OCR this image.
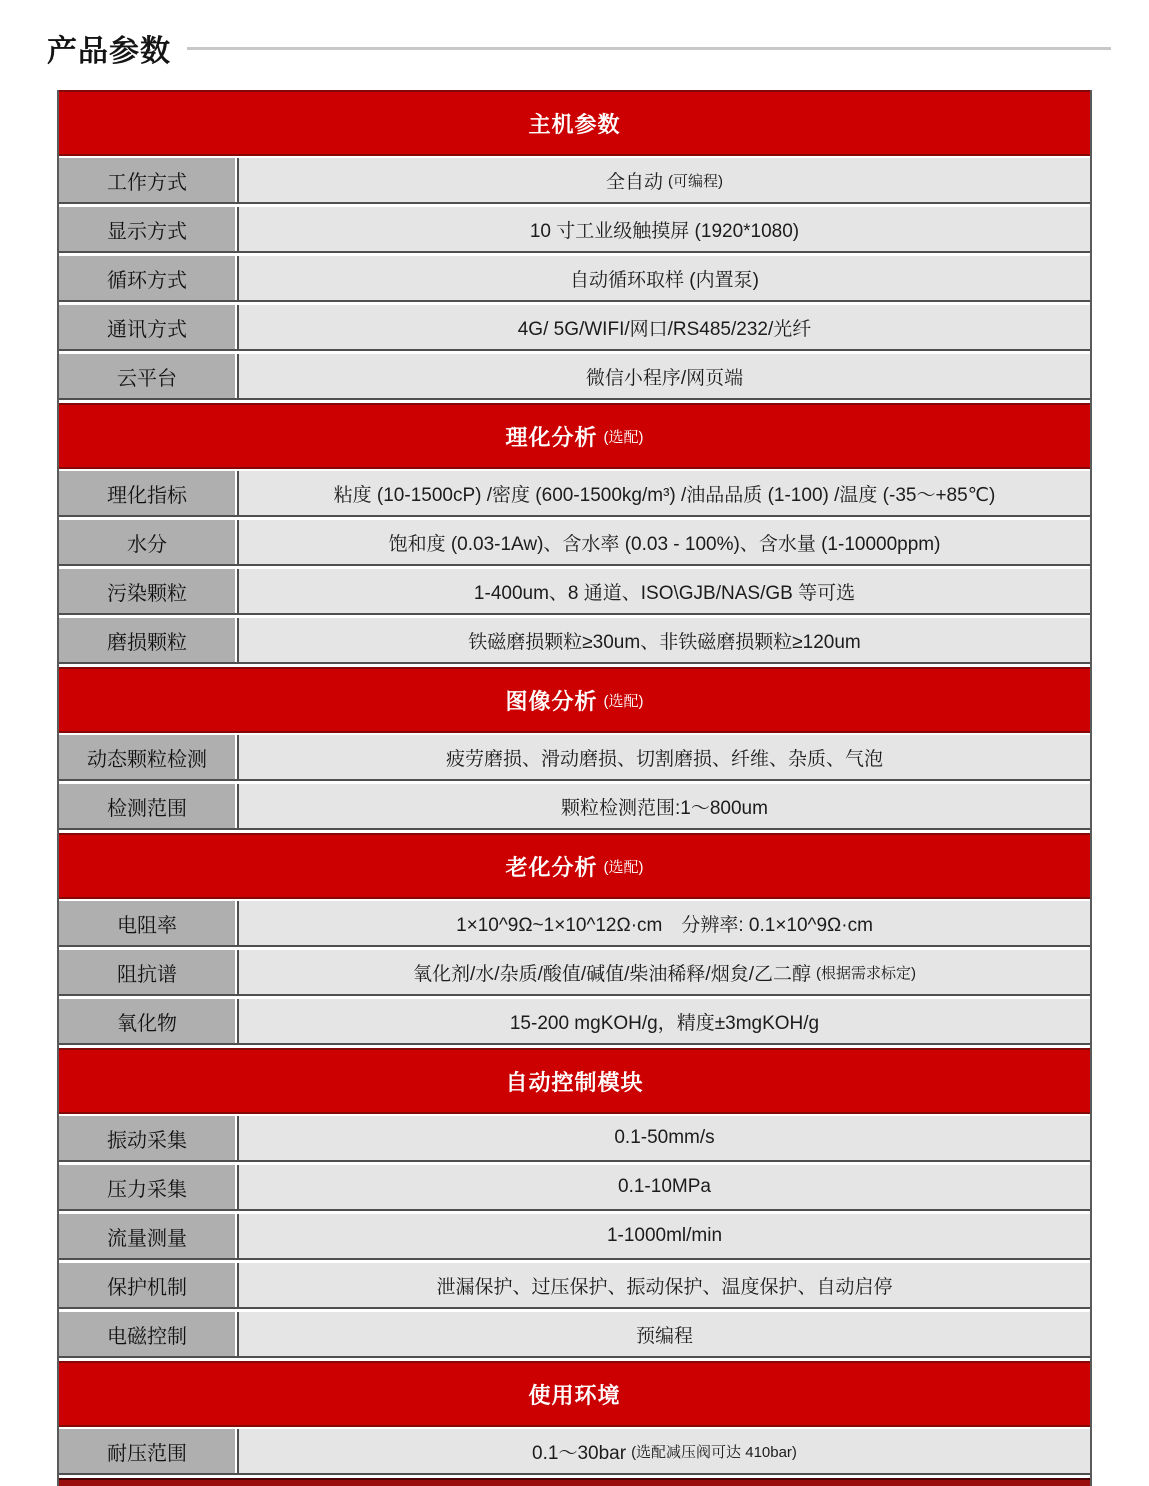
产品参数
主机参数
工作方式	全自动 (可编程)
显示方式	10 寸工业级触摸屏 (1920*1080)
循环方式	自动循环取样 (内置泵)
通讯方式	4G/ 5G/WIFI/网口/RS485/232/光纤
云平台	微信小程序/网页端
理化分析 (选配)
理化指标	粘度 (10-1500cP) /密度 (600-1500kg/m³) /油品品质 (1-100) /温度 (-35～+85℃)
水分	饱和度 (0.03-1Aw)、含水率 (0.03 - 100%)、含水量 (1-10000ppm)
污染颗粒	1-400um、8 通道、ISO\GJB/NAS/GB 等可选
磨损颗粒	铁磁磨损颗粒≥30um、非铁磁磨损颗粒≥120um
图像分析 (选配)
动态颗粒检测	疲劳磨损、滑动磨损、切割磨损、纤维、杂质、气泡
检测范围	颗粒检测范围:1～800um
老化分析 (选配)
电阻率	1×10^9Ω~1×10^12Ω·cm　分辨率: 0.1×10^9Ω·cm
阻抗谱	氧化剂/水/杂质/酸值/碱值/柴油稀释/烟炱/乙二醇 (根据需求标定)
氧化物	15-200 mgKOH/g，精度±3mgKOH/g
自动控制模块
振动采集	0.1-50mm/s
压力采集	0.1-10MPa
流量测量	1-1000ml/min
保护机制	泄漏保护、过压保护、振动保护、温度保护、自动启停
电磁控制	预编程
使用环境
耐压范围	0.1～30bar (选配减压阀可达 410bar)
